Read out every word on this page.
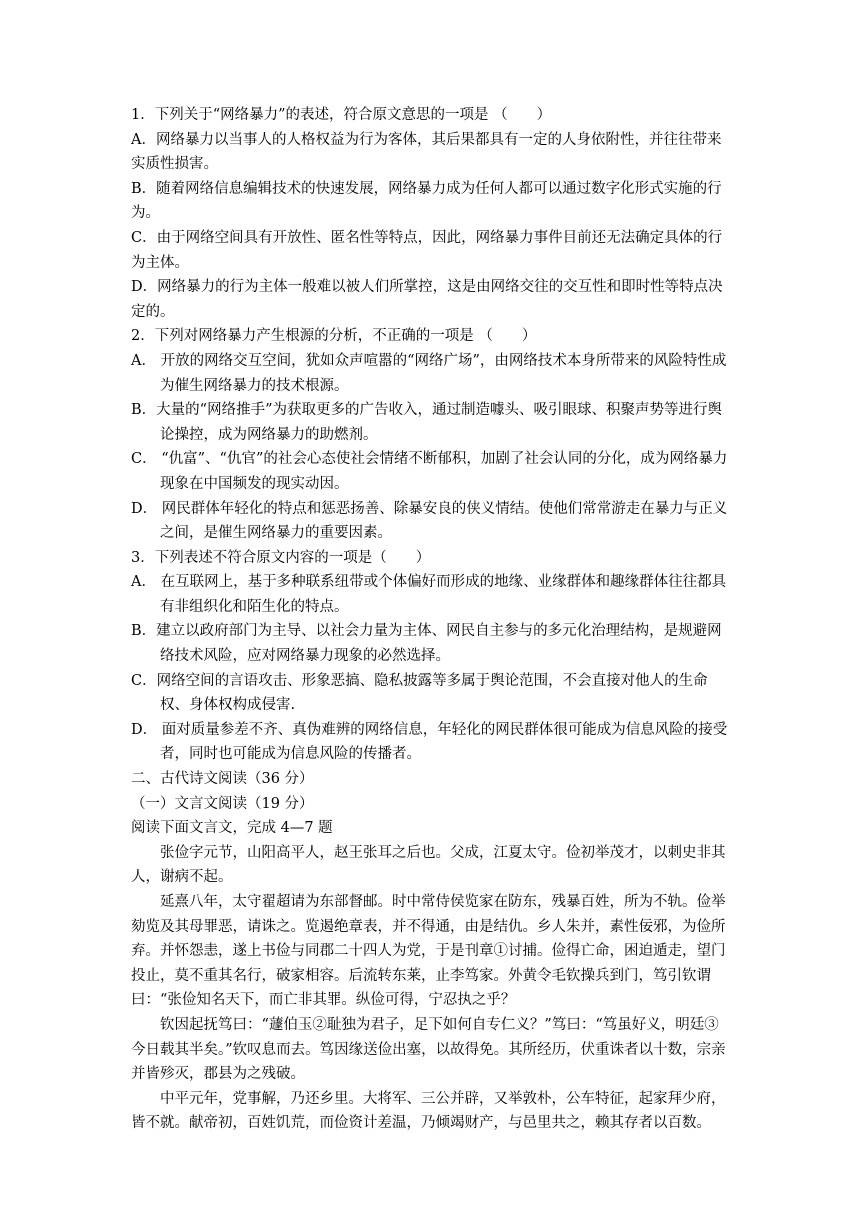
1．下列关于“网络暴力”的表述，符合原文意思的一项是 （　　）
A．网络暴力以当事人的人格权益为行为客体，其后果都具有一定的人身依附性，并往往带来实质性损害。
B．随着网络信息编辑技术的快速发展，网络暴力成为任何人都可以通过数字化形式实施的行为。
C．由于网络空间具有开放性、匿名性等特点，因此，网络暴力事件目前还无法确定具体的行为主体。
D．网络暴力的行为主体一般难以被人们所掌控，这是由网络交往的交互性和即时性等特点决定的。
2．下列对网络暴力产生根源的分析，不正确的一项是 （　　）
A． 开放的网络交互空间，犹如众声喧嚣的“网络广场”，由网络技术本身所带来的风险特性成为催生网络暴力的技术根源。
B．大量的“网络推手”为获取更多的广告收入，通过制造噱头、吸引眼球、积聚声势等进行舆论操控，成为网络暴力的助燃剂。
C． “仇富”、“仇官”的社会心态使社会情绪不断郁积，加剧了社会认同的分化，成为网络暴力现象在中国频发的现实动因。
D． 网民群体年轻化的特点和惩恶扬善、除暴安良的侠义情结。使他们常常游走在暴力与正义之间，是催生网络暴力的重要因素。
3．下列表述不符合原文内容的一项是（　　）
A． 在互联网上，基于多种联系纽带或个体偏好而形成的地缘、业缘群体和趣缘群体往往都具有非组织化和陌生化的特点。
B．建立以政府部门为主导、以社会力量为主体、网民自主参与的多元化治理结构，是规避网络技术风险，应对网络暴力现象的必然选择。
C．网络空间的言语攻击、形象恶搞、隐私披露等多属于舆论范围，不会直接对他人的生命权、身体权构成侵害.
D． 面对质量参差不齐、真伪难辨的网络信息，年轻化的网民群体很可能成为信息风险的接受者，同时也可能成为信息风险的传播者。
二、古代诗文阅读（36 分）
（一）文言文阅读（19 分）
阅读下面文言文，完成 4—7 题
张俭字元节，山阳高平人，赵王张耳之后也。父成，江夏太守。俭初举茂才，以刺史非其人，谢病不起。
延熹八年，太守翟超请为东部督邮。时中常侍侯览家在防东，残暴百姓，所为不轨。俭举劾览及其母罪恶，请诛之。览遏绝章表，并不得通，由是结仇。乡人朱并，素性佞邪，为俭所弃。并怀怨恚，遂上书俭与同郡二十四人为党，于是刊章①讨捕。俭得亡命，困迫遁走，望门投止，莫不重其名行，破家相容。后流转东莱，止李笃家。外黄令毛钦操兵到门，笃引钦谓曰：“张俭知名天下，而亡非其罪。纵俭可得，宁忍执之乎？
钦因起抚笃曰：“蘧伯玉②耻独为君子，足下如何自专仁义？”笃曰：“笃虽好义，明廷③今日载其半矣。”钦叹息而去。笃因缘送俭出塞，以故得免。其所经历，伏重诛者以十数，宗亲并皆殄灭，郡县为之残破。
中平元年，党事解，乃还乡里。大将军、三公并辟，又举敦朴，公车特征，起家拜少府，皆不就。献帝初，百姓饥荒，而俭资计差温，乃倾竭财产，与邑里共之，赖其存者以百数。
